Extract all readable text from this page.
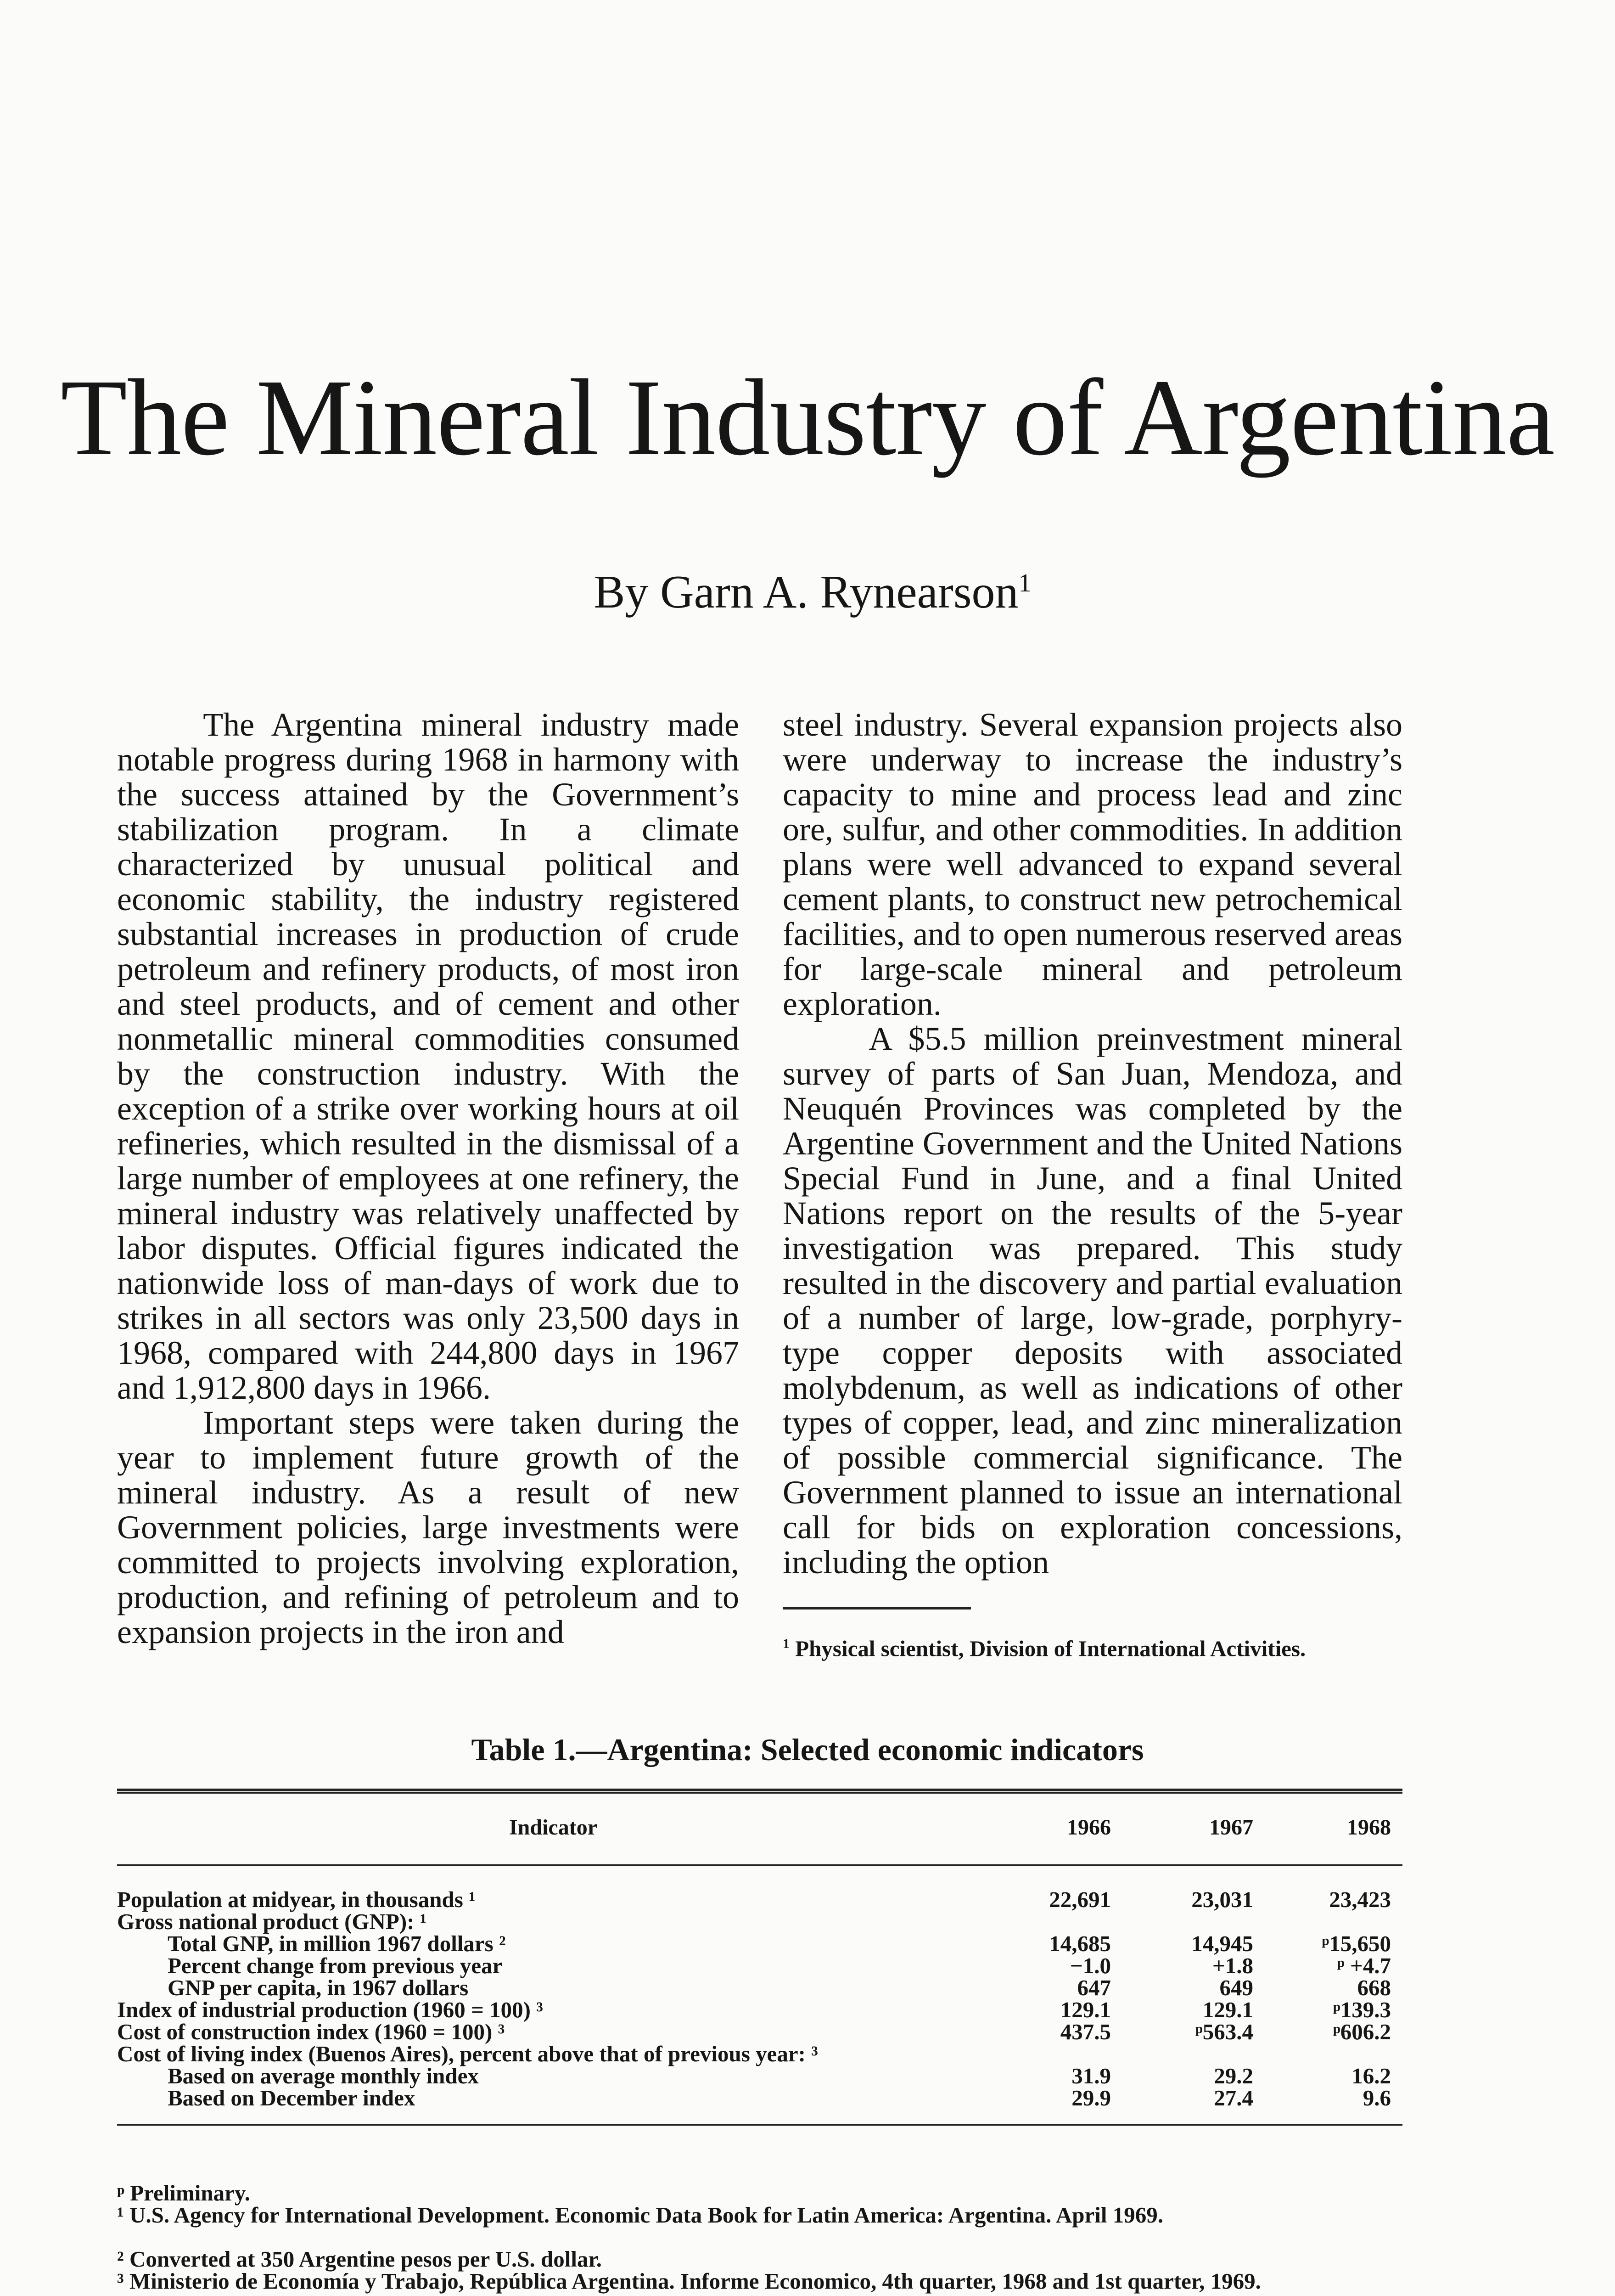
The Mineral Industry of Argentina
By Garn A. Rynearson$^1$

The Argentina mineral industry made notable progress during 1968 in harmony with the success attained by the Government’s stabilization program. In a climate characterized by unusual political and economic stability, the industry registered substantial increases in production of crude petroleum and refinery products, of most iron and steel products, and of cement and other nonmetallic mineral commodities consumed by the construction industry. With the exception of a strike over working hours at oil refineries, which resulted in the dismissal of a large number of employees at one refinery, the mineral industry was relatively unaffected by labor disputes. Official figures indicated the nationwide loss of man-days of work due to strikes in all sectors was only 23,500 days in 1968, compared with 244,800 days in 1967 and 1,912,800 days in 1966.

Important steps were taken during the year to implement future growth of the mineral industry. As a result of new Government policies, large investments were committed to projects involving exploration, production, and refining of petroleum and to expansion projects in the iron and

steel industry. Several expansion projects also were underway to increase the industry’s capacity to mine and process lead and zinc ore, sulfur, and other commodities. In addition plans were well advanced to expand several cement plants, to construct new petrochemical facilities, and to open numerous reserved areas for large-scale mineral and petroleum exploration.

A $5.5 million preinvestment mineral survey of parts of San Juan, Mendoza, and Neuquén Provinces was completed by the Argentine Government and the United Nations Special Fund in June, and a final United Nations report on the results of the 5-year investigation was prepared. This study resulted in the discovery and partial evaluation of a number of large, low-grade, porphyry-type copper deposits with associated molybdenum, as well as indications of other types of copper, lead, and zinc mineralization of possible commercial significance. The Government planned to issue an international call for bids on exploration concessions, including the option

$^1$ Physical scientist, Division of International Activities.
Table 1.—Argentina: Selected economic indicators
Indicator	1966	1967	1968
Population at midyear, in thousands ¹	22,691	23,031	23,423
Gross national product (GNP): ¹
Total GNP, in million 1967 dollars ²	14,685	14,945	ᵖ15,650
Percent change from previous year	−1.0	+1.8	ᵖ +4.7
GNP per capita, in 1967 dollars	647	649	668
Index of industrial production (1960 = 100) ³	129.1	129.1	ᵖ139.3
Cost of construction index (1960 = 100) ³	437.5	ᵖ563.4	ᵖ606.2
Cost of living index (Buenos Aires), percent above that of previous year: ³
Based on average monthly index	31.9	29.2	16.2
Based on December index	29.9	27.4	9.6
ᵖ Preliminary.
¹ U.S. Agency for International Development. Economic Data Book for Latin America: Argentina. April 1969.
² Converted at 350 Argentine pesos per U.S. dollar.
³ Ministerio de Economía y Trabajo, República Argentina. Informe Economico, 4th quarter, 1968 and 1st quarter, 1969.
